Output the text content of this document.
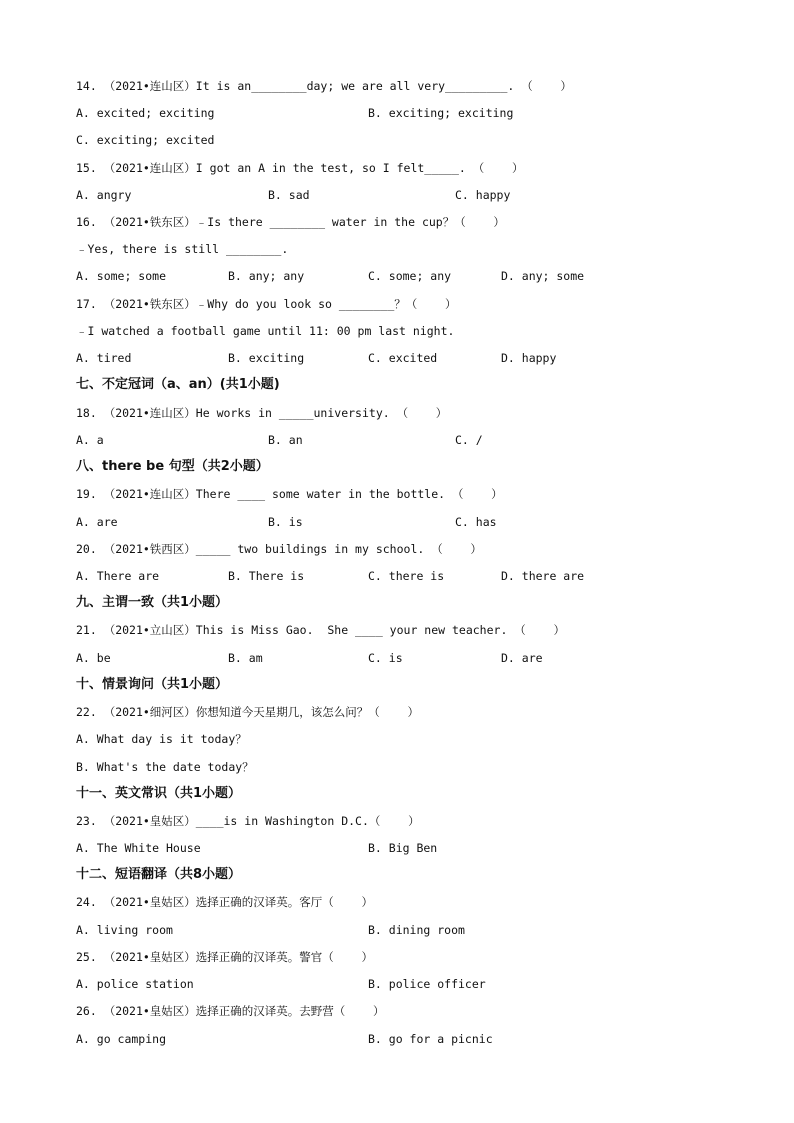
14. （2021•连山区）It is an________day; we are all very_________. （    ）
A. excited; exciting	B. exciting; exciting
C. exciting; excited
15. （2021•连山区）I got an A in the test, so I felt_____. （    ）
A. angry	B. sad	C. happy
16. （2021•铁东区）﹣Is there ________ water in the cup？（    ）
﹣Yes, there is still ________.
A. some; some	B. any; any	C. some; any	D. any; some
17. （2021•铁东区）﹣Why do you look so ________？（    ）
﹣I watched a football game until 11: 00 pm last night.
A. tired	B. exciting	C. excited	D. happy
七、不定冠词（a、an）(共1小题)
18. （2021•连山区）He works in _____university. （    ）
A. a	B. an	C. /
八、there be 句型（共2小题）
19. （2021•连山区）There ____ some water in the bottle. （    ）
A. are	B. is	C. has
20. （2021•铁西区）_____ two buildings in my school. （    ）
A. There are	B. There is	C. there is	D. there are
九、主谓一致（共1小题）
21. （2021•立山区）This is Miss Gao.  She ____ your new teacher. （    ）
A. be	B. am	C. is	D. are
十、情景询问（共1小题）
22. （2021•细河区）你想知道今天星期几，该怎么问？（    ）
A. What day is it today？
B. What's the date today？
十一、英文常识（共1小题）
23. （2021•皇姑区）____is in Washington D.C.（    ）
A. The White House	B. Big Ben
十二、短语翻译（共8小题）
24. （2021•皇姑区）选择正确的汉译英。客厅（    ）
A. living room	B. dining room
25. （2021•皇姑区）选择正确的汉译英。警官（    ）
A. police station	B. police officer
26. （2021•皇姑区）选择正确的汉译英。去野营（    ）
A. go camping	B. go for a picnic
